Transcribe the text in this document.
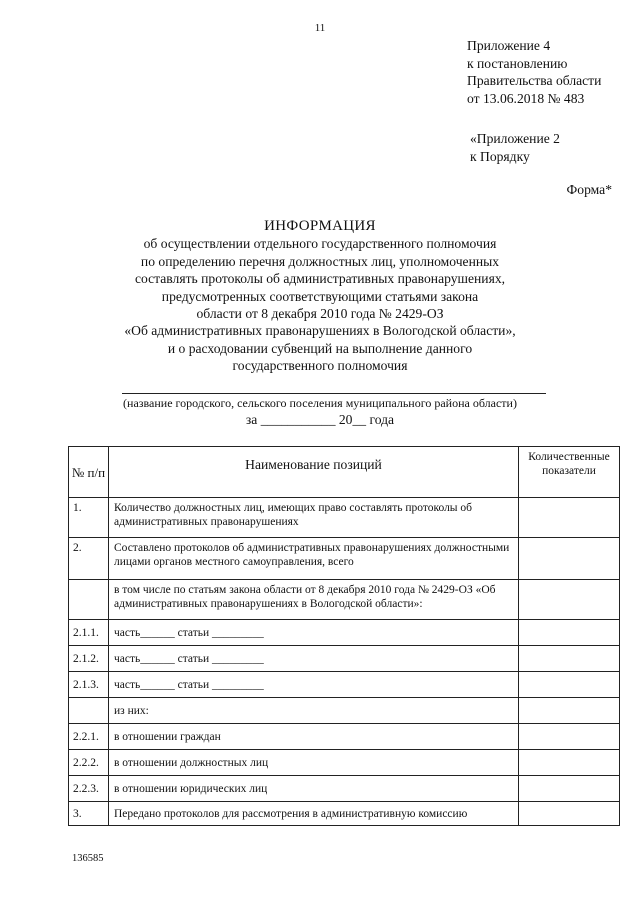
11
Приложение 4
к постановлению
Правительства области
от 13.06.2018 № 483
«Приложение 2
к Порядку
Форма*
ИНФОРМАЦИЯ
об осуществлении отдельного государственного полномочия
по определению перечня должностных лиц, уполномоченных
составлять протоколы об административных правонарушениях,
предусмотренных соответствующими статьями закона
области от 8 декабря 2010 года № 2429-ОЗ
«Об административных правонарушениях в Вологодской области»,
и о расходовании субвенций на выполнение данного
государственного полномочия
(название городского, сельского поселения муниципального района области)
за ___________ 20__ года
№ п/п	Наименование позиций	Количественные показатели
1.	Количество должностных лиц, имеющих право составлять протоколы об административных правонарушениях	
2.	Составлено протоколов об административных правонарушениях должностными лицами органов местного самоуправления, всего	
	в том числе по статьям закона области от 8 декабря 2010 года № 2429-ОЗ «Об административных правонарушениях в Вологодской области»:	
2.1.1.	часть______ статьи _________	
2.1.2.	часть______ статьи _________	
2.1.3.	часть______ статьи _________	
	из них:	
2.2.1.	в отношении граждан	
2.2.2.	в отношении должностных лиц	
2.2.3.	в отношении юридических лиц	
3.	Передано протоколов для рассмотрения в административную комиссию	
136585
